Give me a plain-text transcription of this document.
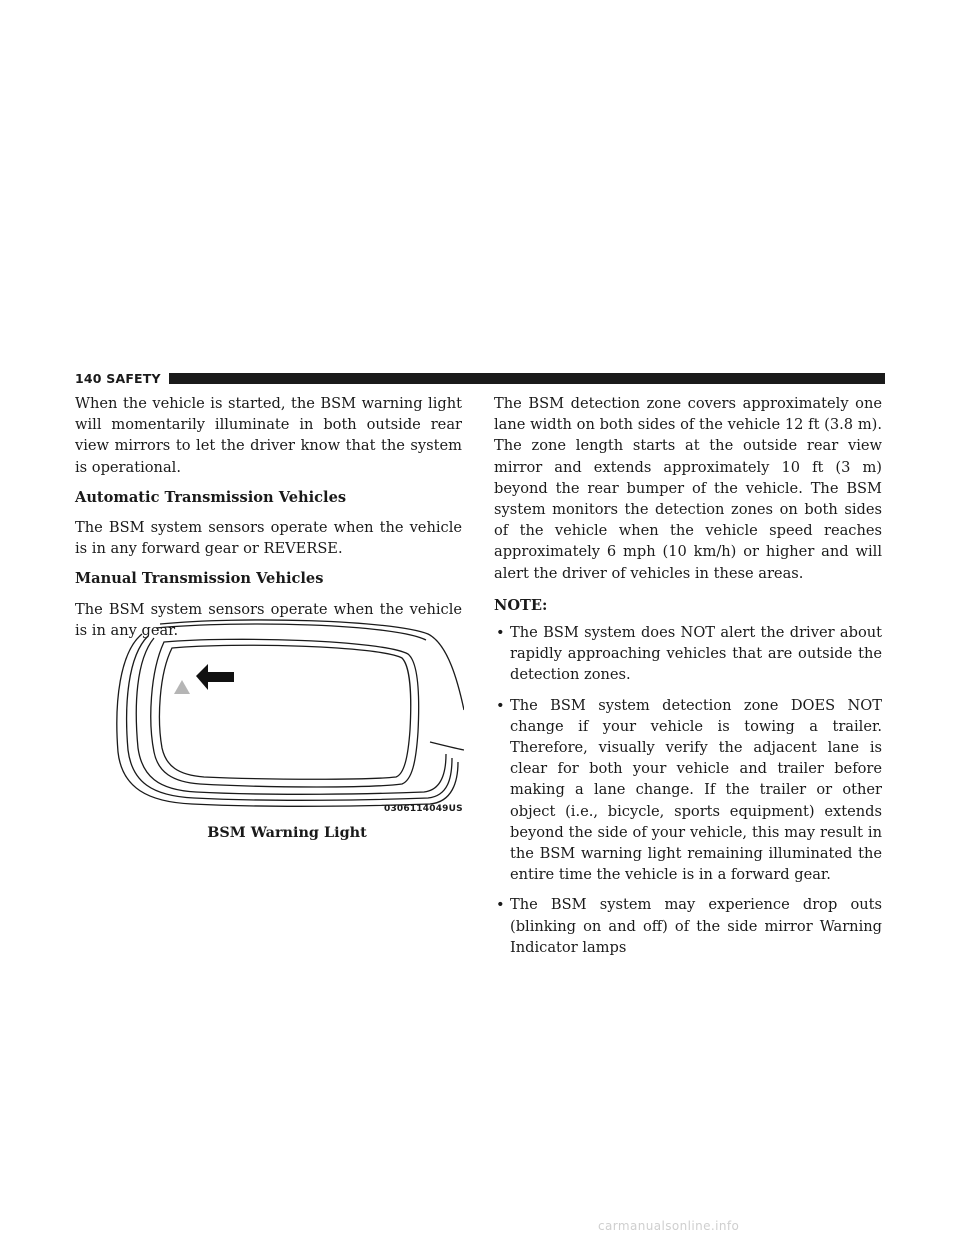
140 SAFETY

When the vehicle is started, the BSM warning light will momentarily illuminate in both outside rear view mirrors to let the driver know that the system is operational.

Automatic Transmission Vehicles

The BSM system sensors operate when the vehicle is in any forward gear or REVERSE.

Manual Transmission Vehicles

The BSM system sensors operate when the vehicle is in any gear.

0306114049US
BSM Warning Light

The BSM detection zone covers approximately one lane width on both sides of the vehicle 12 ft (3.8 m). The zone length starts at the outside rear view mirror and extends approximately 10 ft (3 m) beyond the rear bumper of the vehicle. The BSM system monitors the detection zones on both sides of the vehicle when the vehicle speed reaches approximately 6 mph (10 km/h) or higher and will alert the driver of vehicles in these areas.

NOTE:

• The BSM system does NOT alert the driver about rapidly approaching vehicles that are outside the detection zones.
• The BSM system detection zone DOES NOT change if your vehicle is towing a trailer. Therefore, visually verify the adjacent lane is clear for both your vehicle and trailer before making a lane change. If the trailer or other object (i.e., bicycle, sports equipment) extends beyond the side of your vehicle, this may result in the BSM warning light remaining illuminated the entire time the vehicle is in a forward gear.
• The BSM system may experience drop outs (blinking on and off) of the side mirror Warning Indicator lamps
carmanualsonline.info
